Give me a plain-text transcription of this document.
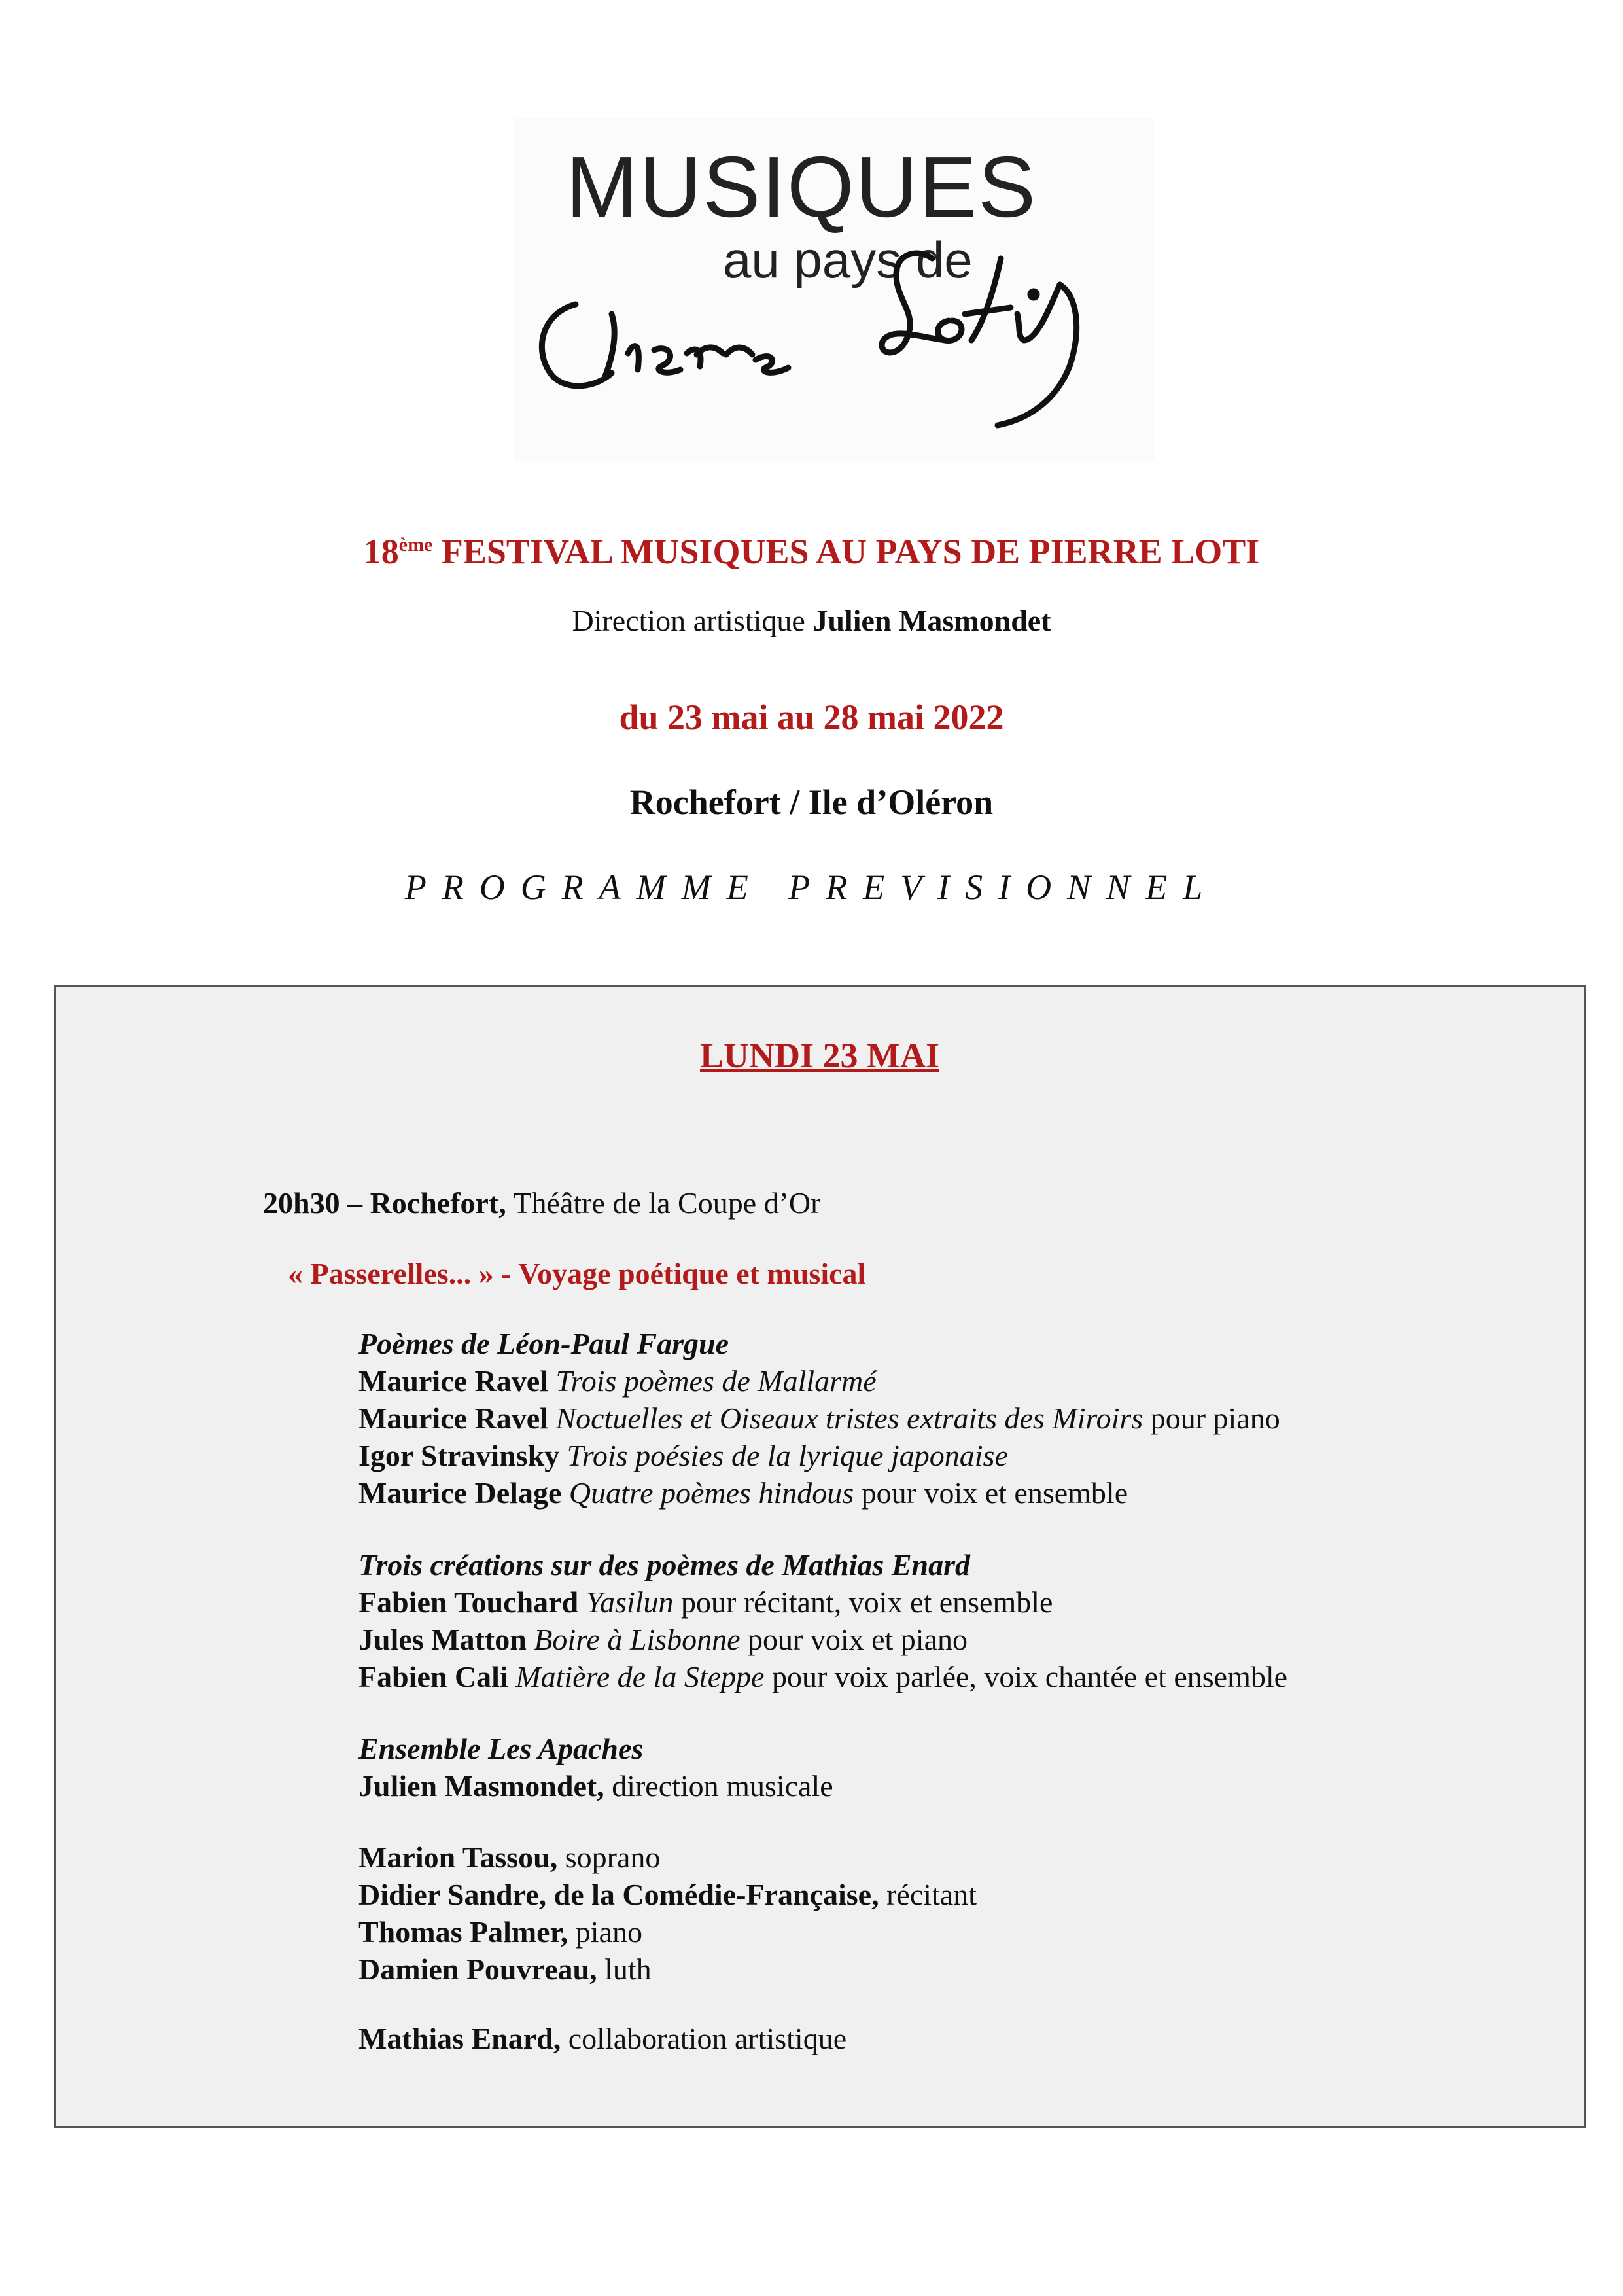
MUSIQUES
au pays de
18ème FESTIVAL MUSIQUES AU PAYS DE PIERRE LOTI
Direction artistique Julien Masmondet
du 23 mai au 28 mai 2022
Rochefort / Ile d’Oléron
PROGRAMME PREVISIONNEL
LUNDI 23 MAI
20h30 – Rochefort, Théâtre de la Coupe d’Or
« Passerelles... » - Voyage poétique et musical
Poèmes de Léon-Paul Fargue
Maurice Ravel Trois poèmes de Mallarmé
Maurice Ravel Noctuelles et Oiseaux tristes extraits des Miroirs pour piano
Igor Stravinsky Trois poésies de la lyrique japonaise
Maurice Delage Quatre poèmes hindous pour voix et ensemble
Trois créations sur des poèmes de Mathias Enard
Fabien Touchard Yasilun pour récitant, voix et ensemble
Jules Matton Boire à Lisbonne pour voix et piano
Fabien Cali Matière de la Steppe pour voix parlée, voix chantée et ensemble
Ensemble Les Apaches
Julien Masmondet, direction musicale
Marion Tassou, soprano
Didier Sandre, de la Comédie-Française, récitant
Thomas Palmer, piano
Damien Pouvreau, luth
Mathias Enard, collaboration artistique
